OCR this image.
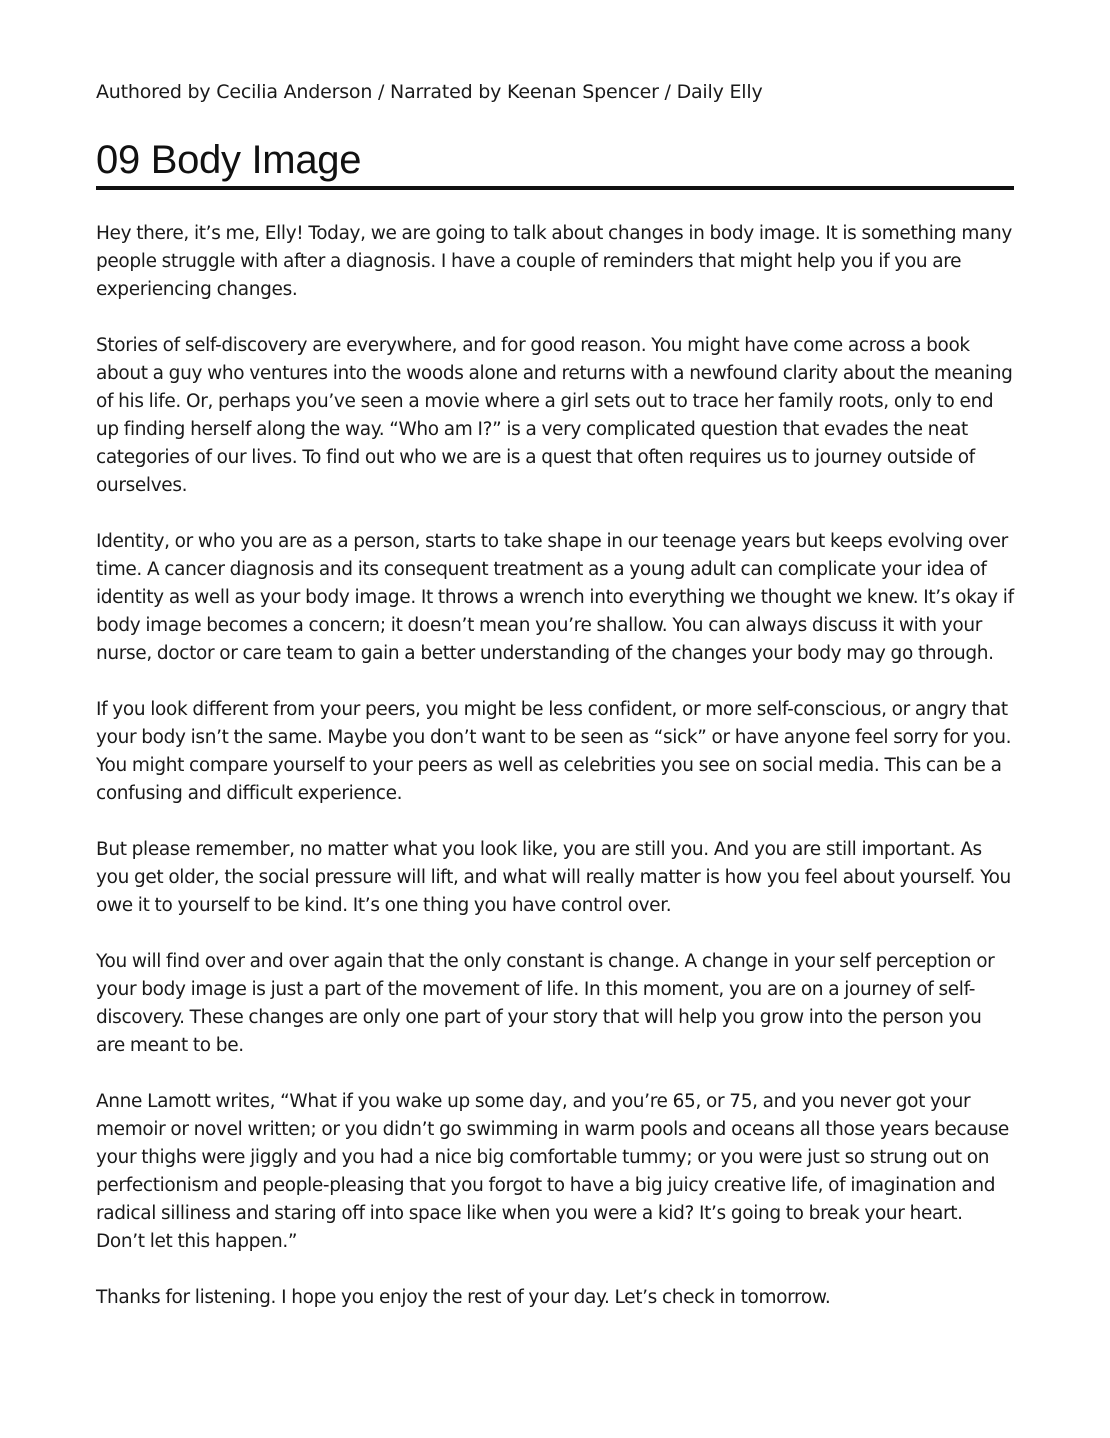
Authored by Cecilia Anderson / Narrated by Keenan Spencer / Daily Elly
09 Body Image

Hey there, it’s me, Elly! Today, we are going to talk about changes in body image. It is something many people struggle with after a diagnosis. I have a couple of reminders that might help you if you are experiencing changes.

Stories of self-discovery are everywhere, and for good reason. You might have come across a book about a guy who ventures into the woods alone and returns with a newfound clarity about the meaning of his life. Or, perhaps you’ve seen a movie where a girl sets out to trace her family roots, only to end up finding herself along the way. “Who am I?” is a very complicated question that evades the neat categories of our lives. To find out who we are is a quest that often requires us to journey outside of ourselves.

Identity, or who you are as a person, starts to take shape in our teenage years but keeps evolving over time. A cancer diagnosis and its consequent treatment as a young adult can complicate your idea of identity as well as your body image. It throws a wrench into everything we thought we knew. It’s okay if body image becomes a concern; it doesn’t mean you’re shallow. You can always discuss it with your nurse, doctor or care team to gain a better understanding of the changes your body may go through.

If you look different from your peers, you might be less confident, or more self-conscious, or angry that your body isn’t the same. Maybe you don’t want to be seen as “sick” or have anyone feel sorry for you. You might compare yourself to your peers as well as celebrities you see on social media. This can be a confusing and difficult experience.

But please remember, no matter what you look like, you are still you. And you are still important. As you get older, the social pressure will lift, and what will really matter is how you feel about yourself. You owe it to yourself to be kind. It’s one thing you have control over.

You will find over and over again that the only constant is change. A change in your self perception or your body image is just a part of the movement of life. In this moment, you are on a journey of self-discovery. These changes are only one part of your story that will help you grow into the person you are meant to be.

Anne Lamott writes, “What if you wake up some day, and you’re 65, or 75, and you never got your memoir or novel written; or you didn’t go swimming in warm pools and oceans all those years because your thighs were jiggly and you had a nice big comfortable tummy; or you were just so strung out on perfectionism and people-pleasing that you forgot to have a big juicy creative life, of imagination and radical silliness and staring off into space like when you were a kid? It’s going to break your heart. Don’t let this happen.”

Thanks for listening. I hope you enjoy the rest of your day. Let’s check in tomorrow.
